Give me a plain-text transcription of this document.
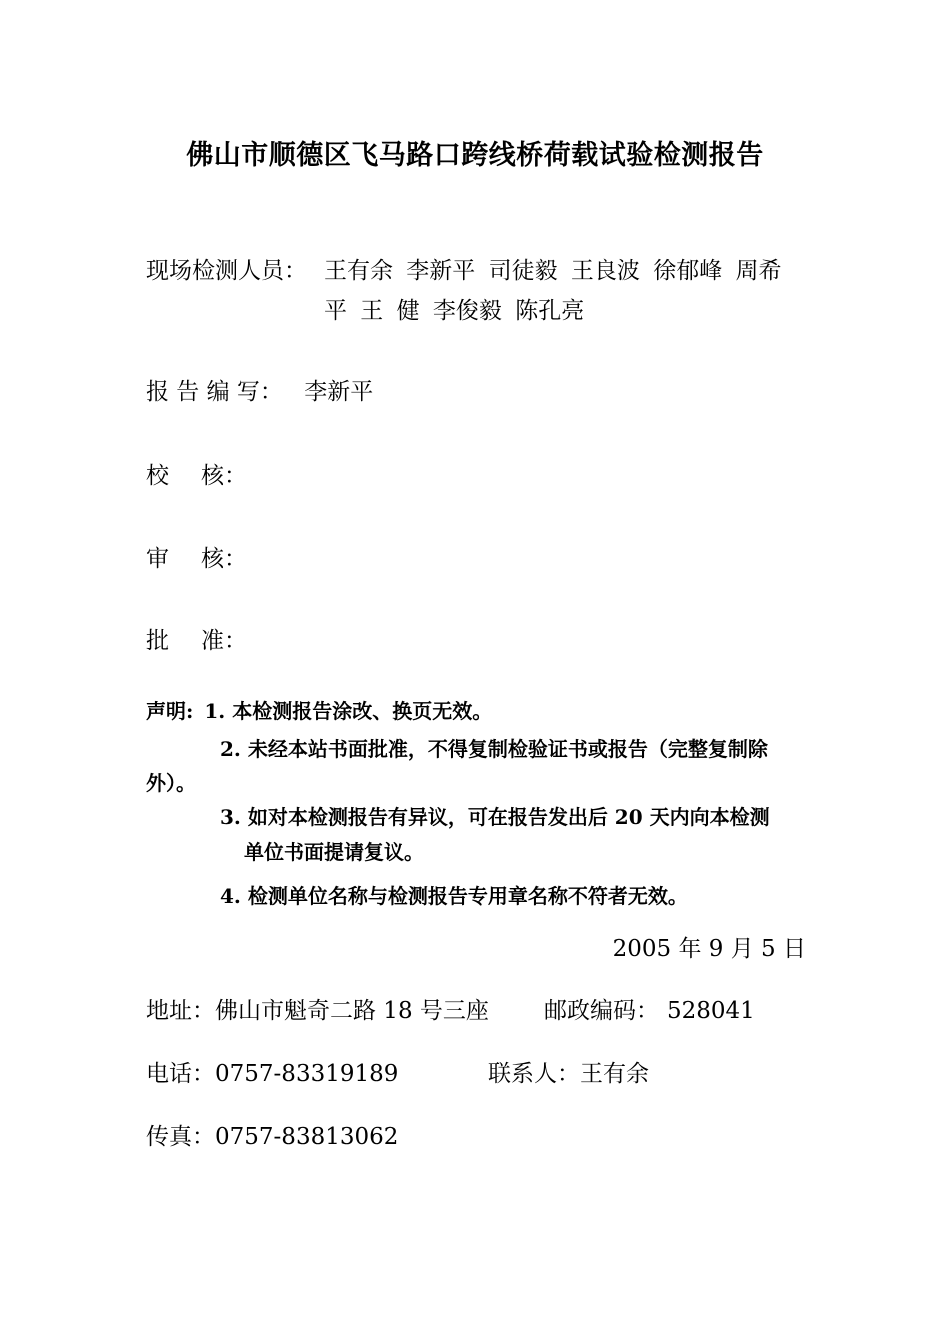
佛山市顺德区飞马路口跨线桥荷载试验检测报告
现场检测人员： 王有余 李新平 司徒毅 王良波 徐郁峰 周希
平 王 健 李俊毅 陈孔亮
报 告 编 写： 李新平
校核：
审核：
批准：
声明: 1. 本检测报告涂改、换页无效。
2. 未经本站书面批准，不得复制检验证书或报告（完整复制除
外）。
3. 如对本检测报告有异议，可在报告发出后 20 天内向本检测
单位书面提请复议。
4. 检测单位名称与检测报告专用章名称不符者无效。
2005 年 9 月 5 日
地址：佛山市魁奇二路 18 号三座 邮政编码： 528041
电话：0757-83319189	联系人：王有余
传真：0757-83813062
